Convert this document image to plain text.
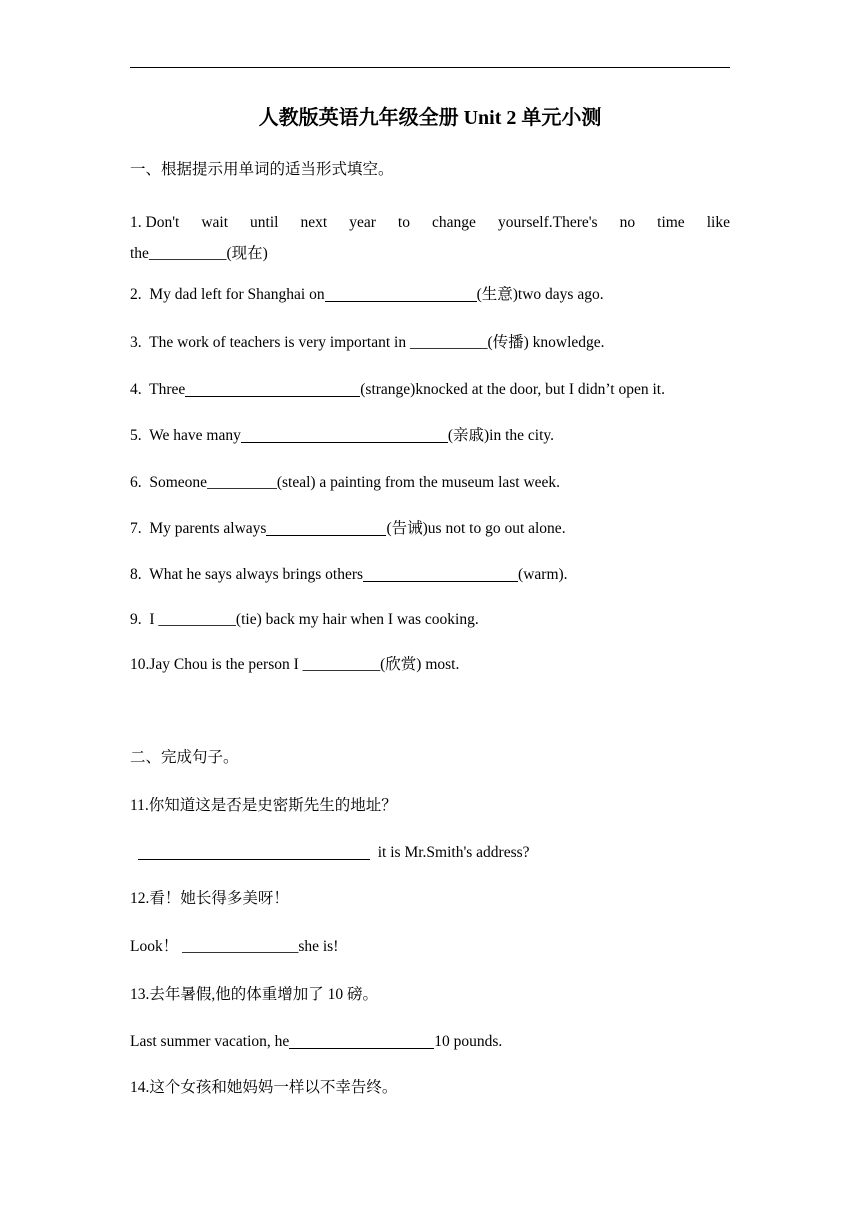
人教版英语九年级全册 Unit 2 单元小测
一、根据提示用单词的适当形式填空。
1. Don't wait until next year to change yourself.There's no time like
the__________(现在)
2. My dad left for Shanghai on	(生意)two days ago.
3. The work of teachers is very important in __________(传播) knowledge.
4. Three	(strange)knocked at the door, but I didn’t open it.
5. We have many	(亲戚)in the city.
6. Someone_________(steal) a painting from the museum last week.
7. My parents always	(告诫)us not to go out alone.
8. What he says always brings others	(warm).
9. I __________(tie) back my hair when I was cooking.
10.Jay Chou is the person I __________(欣赏) most.
二、完成句子。
11.你知道这是否是史密斯先生的地址？
it is Mr.Smith's address?
12.看！她长得多美呀！
Look！ _______________she is!
13.去年暑假,他的体重增加了 10 磅。
Last summer vacation, he	10 pounds.
14.这个女孩和她妈妈一样以不幸告终。
